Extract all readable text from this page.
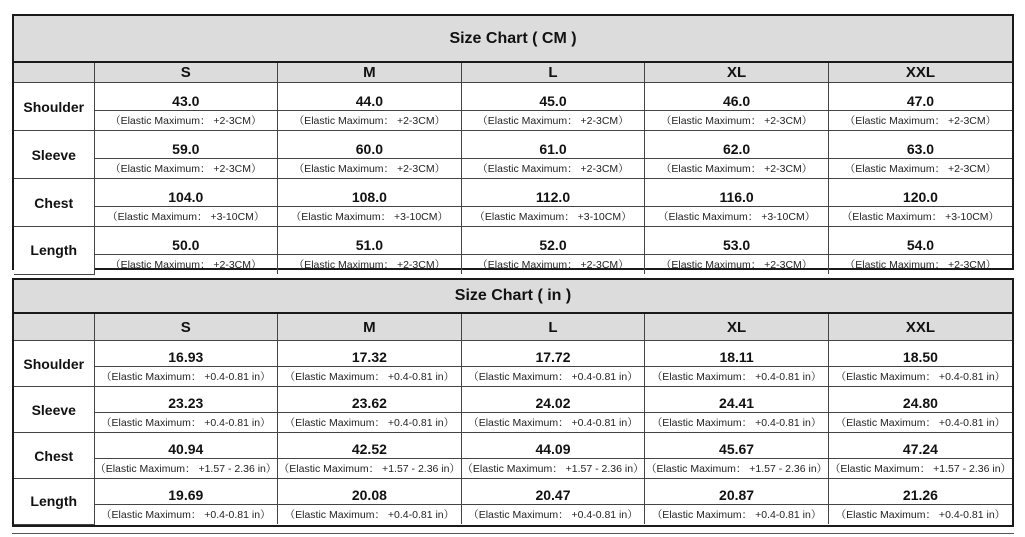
Size Chart ( CM )
	S	M	L	XL	XXL
Shoulder	43.0	44.0	45.0	46.0	47.0
	（Elastic Maximum： +2-3CM）	（Elastic Maximum： +2-3CM）	（Elastic Maximum： +2-3CM）	（Elastic Maximum： +2-3CM）	（Elastic Maximum： +2-3CM）
Sleeve	59.0	60.0	61.0	62.0	63.0
	（Elastic Maximum： +2-3CM）	（Elastic Maximum： +2-3CM）	（Elastic Maximum： +2-3CM）	（Elastic Maximum： +2-3CM）	（Elastic Maximum： +2-3CM）
Chest	104.0	108.0	112.0	116.0	120.0
	（Elastic Maximum： +3-10CM）	（Elastic Maximum： +3-10CM）	（Elastic Maximum： +3-10CM）	（Elastic Maximum： +3-10CM）	（Elastic Maximum： +3-10CM）
Length	50.0	51.0	52.0	53.0	54.0
	（Elastic Maximum： +2-3CM）	（Elastic Maximum： +2-3CM）	（Elastic Maximum： +2-3CM）	（Elastic Maximum： +2-3CM）	（Elastic Maximum： +2-3CM）
Size Chart ( in )
	S	M	L	XL	XXL
Shoulder	16.93	17.32	17.72	18.11	18.50
	（Elastic Maximum： +0.4-0.81 in）	（Elastic Maximum： +0.4-0.81 in）	（Elastic Maximum： +0.4-0.81 in）	（Elastic Maximum： +0.4-0.81 in）	（Elastic Maximum： +0.4-0.81 in）
Sleeve	23.23	23.62	24.02	24.41	24.80
	（Elastic Maximum： +0.4-0.81 in）	（Elastic Maximum： +0.4-0.81 in）	（Elastic Maximum： +0.4-0.81 in）	（Elastic Maximum： +0.4-0.81 in）	（Elastic Maximum： +0.4-0.81 in）
Chest	40.94	42.52	44.09	45.67	47.24
	（Elastic Maximum： +1.57 - 2.36 in）	（Elastic Maximum： +1.57 - 2.36 in）	（Elastic Maximum： +1.57 - 2.36 in）	（Elastic Maximum： +1.57 - 2.36 in）	（Elastic Maximum： +1.57 - 2.36 in）
Length	19.69	20.08	20.47	20.87	21.26
	（Elastic Maximum： +0.4-0.81 in）	（Elastic Maximum： +0.4-0.81 in）	（Elastic Maximum： +0.4-0.81 in）	（Elastic Maximum： +0.4-0.81 in）	（Elastic Maximum： +0.4-0.81 in）
